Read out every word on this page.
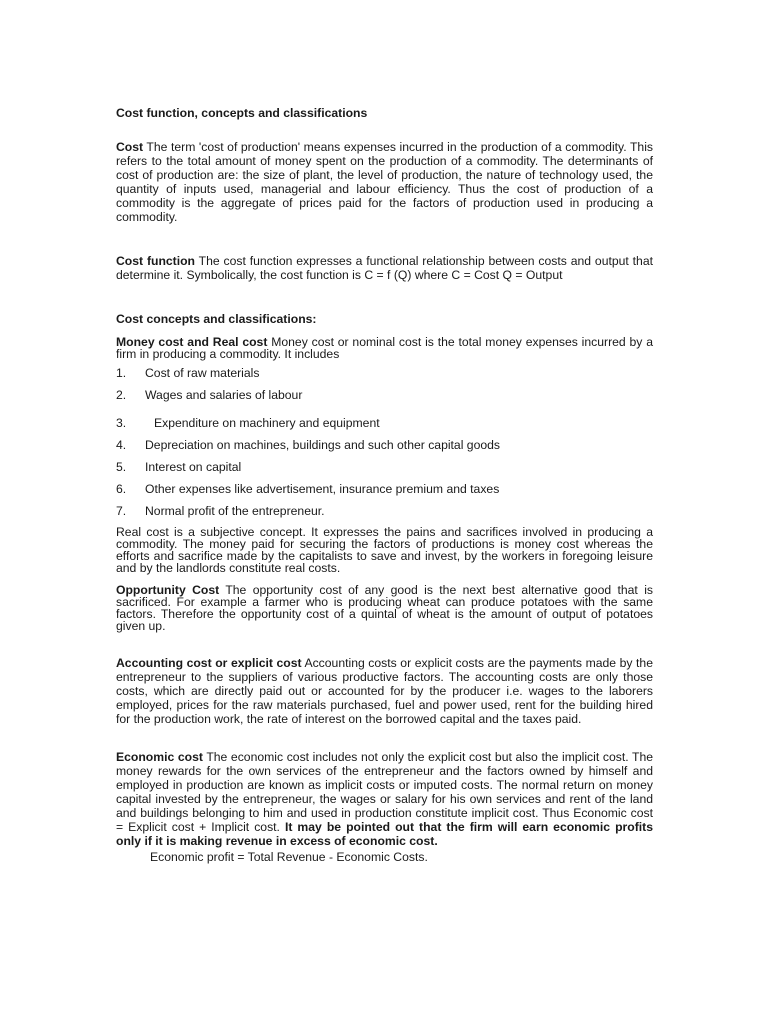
Cost function, concepts and classifications

Cost The term 'cost of production' means expenses incurred in the production of a commodity. This refers to the total amount of money spent on the production of a commodity. The determinants of cost of production are: the size of plant, the level of production, the nature of technology used, the quantity of inputs used, managerial and labour efficiency. Thus the cost of production of a commodity is the aggregate of prices paid for the factors of production used in producing a commodity.

Cost function The cost function expresses a functional relationship between costs and output that determine it. Symbolically, the cost function is C = f (Q) where C = Cost Q = Output

Cost concepts and classifications:

Money cost and Real cost Money cost or nominal cost is the total money expenses incurred by a firm in producing a commodity. It includes

1.	Cost of raw materials
2.	Wages and salaries of labour
3.	Expenditure on machinery and equipment
4.	Depreciation on machines, buildings and such other capital goods
5.	Interest on capital
6.	Other expenses like advertisement, insurance premium and taxes
7.	Normal profit of the entrepreneur.

Real cost is a subjective concept. It expresses the pains and sacrifices involved in producing a commodity. The money paid for securing the factors of productions is money cost whereas the efforts and sacrifice made by the capitalists to save and invest, by the workers in foregoing leisure and by the landlords constitute real costs.

Opportunity Cost The opportunity cost of any good is the next best alternative good that is sacrificed. For example a farmer who is producing wheat can produce potatoes with the same factors. Therefore the opportunity cost of a quintal of wheat is the amount of output of potatoes given up.

Accounting cost or explicit cost Accounting costs or explicit costs are the payments made by the entrepreneur to the suppliers of various productive factors. The accounting costs are only those costs, which are directly paid out or accounted for by the producer i.e. wages to the laborers employed, prices for the raw materials purchased, fuel and power used, rent for the building hired for the production work, the rate of interest on the borrowed capital and the taxes paid.

Economic cost The economic cost includes not only the explicit cost but also the implicit cost. The money rewards for the own services of the entrepreneur and the factors owned by himself and employed in production are known as implicit costs or imputed costs. The normal return on money capital invested by the entrepreneur, the wages or salary for his own services and rent of the land and buildings belonging to him and used in production constitute implicit cost. Thus Economic cost = Explicit cost + Implicit cost. It may be pointed out that the firm will earn economic profits only if it is making revenue in excess of economic cost.

Economic profit = Total Revenue - Economic Costs.
